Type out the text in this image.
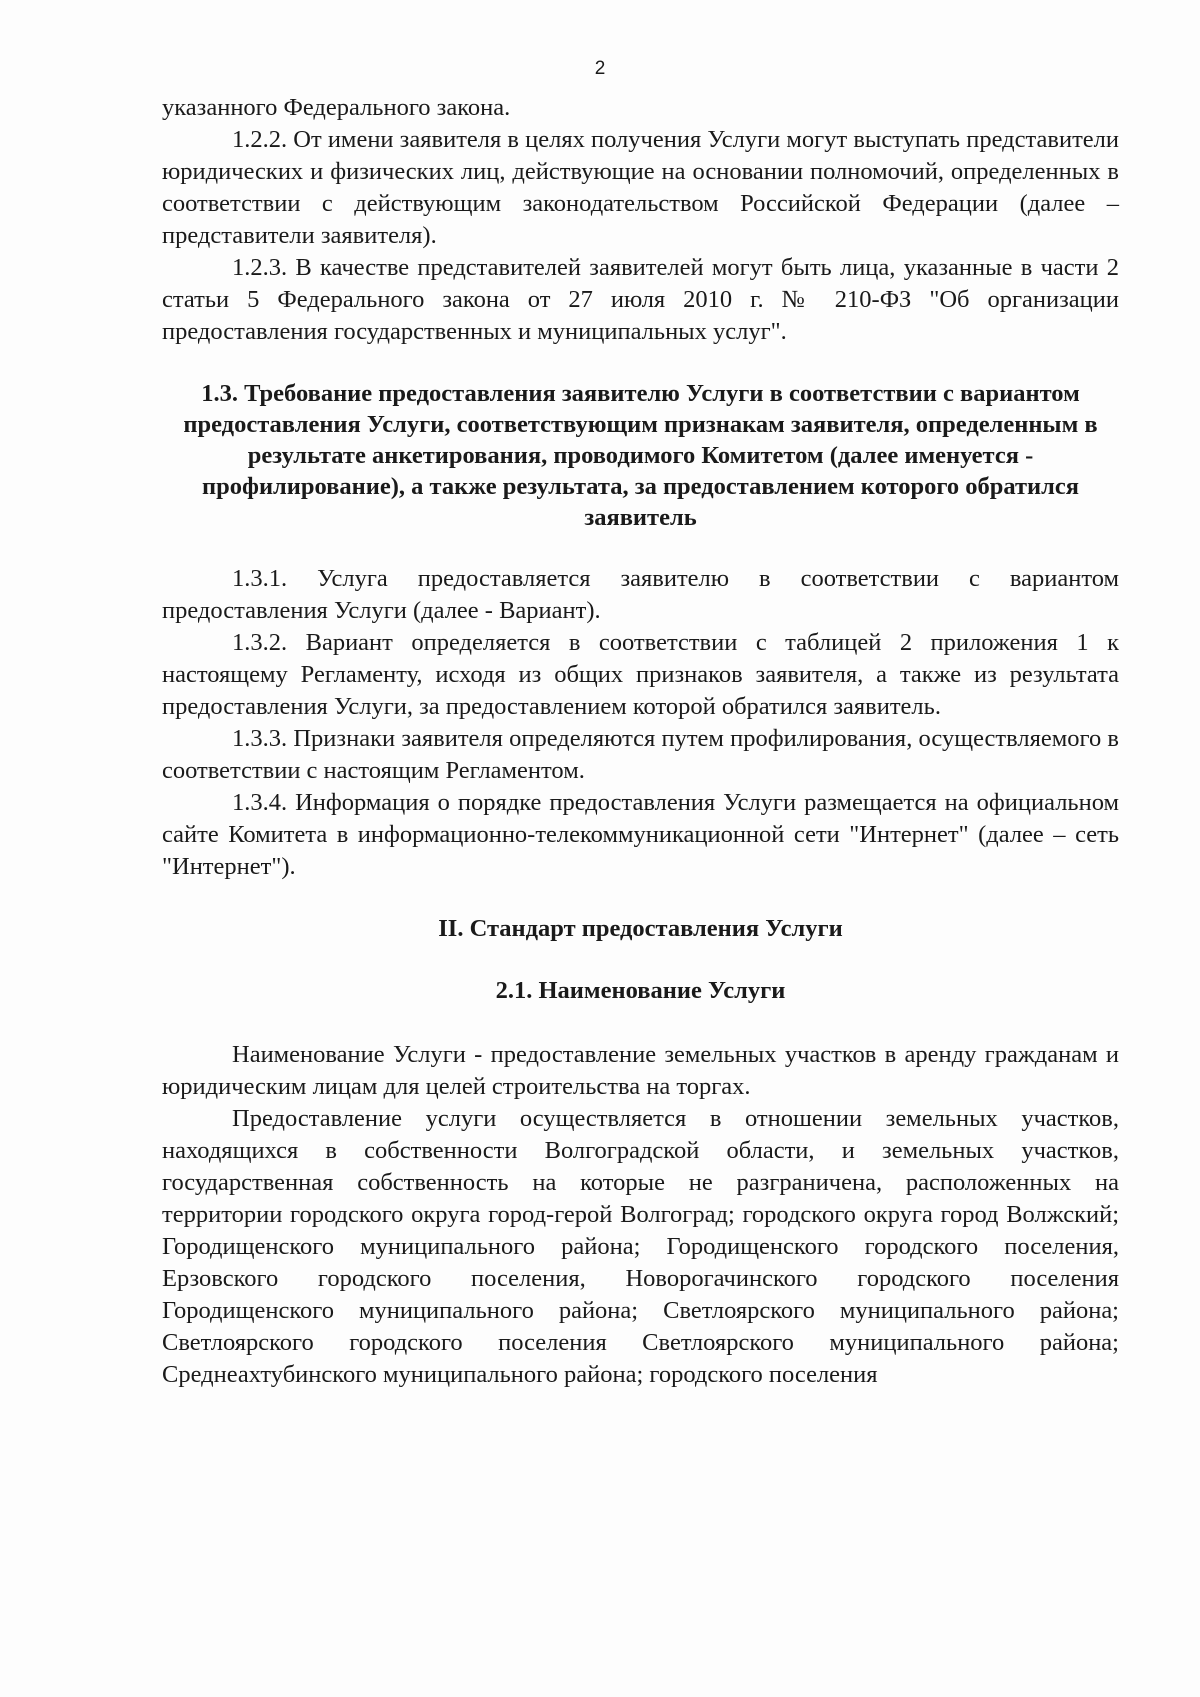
2

указанного Федерального закона.

1.2.2. От имени заявителя в целях получения Услуги могут выступать представители юридических и физических лиц, действующие на основании полномочий, определенных в соответствии с действующим законодательством Российской Федерации (далее – представители заявителя).

1.2.3. В качестве представителей заявителей могут быть лица, указанные в части 2 статьи 5 Федерального закона от 27 июля 2010 г. № 210-ФЗ "Об организации предоставления государственных и муниципальных услуг".

1.3. Требование предоставления заявителю Услуги в соответствии с вариантом предоставления Услуги, соответствующим признакам заявителя, определенным в результате анкетирования, проводимого Комитетом (далее именуется - профилирование), а также результата, за предоставлением которого обратился заявитель

1.3.1. Услуга предоставляется заявителю в соответствии с вариантом предоставления Услуги (далее - Вариант).

1.3.2. Вариант определяется в соответствии с таблицей 2 приложения 1 к настоящему Регламенту, исходя из общих признаков заявителя, а также из результата предоставления Услуги, за предоставлением которой обратился заявитель.

1.3.3. Признаки заявителя определяются путем профилирования, осуществляемого в соответствии с настоящим Регламентом.

1.3.4. Информация о порядке предоставления Услуги размещается на официальном сайте Комитета в информационно-телекоммуникационной сети "Интернет" (далее – сеть "Интернет").

II. Стандарт предоставления Услуги
2.1. Наименование Услуги

Наименование Услуги - предоставление земельных участков в аренду гражданам и юридическим лицам для целей строительства на торгах.

Предоставление услуги осуществляется в отношении земельных участков, находящихся в собственности Волгоградской области, и земельных участков, государственная собственность на которые не разграничена, расположенных на территории городского округа город-герой Волгоград; городского округа город Волжский; Городищенского муниципального района; Городищенского городского поселения, Ерзовского городского поселения, Новорогачинского городского поселения Городищенского муниципального района; Светлоярского муниципального района; Светлоярского городского поселения Светлоярского муниципального района; Среднеахтубинского муниципального района; городского поселения
